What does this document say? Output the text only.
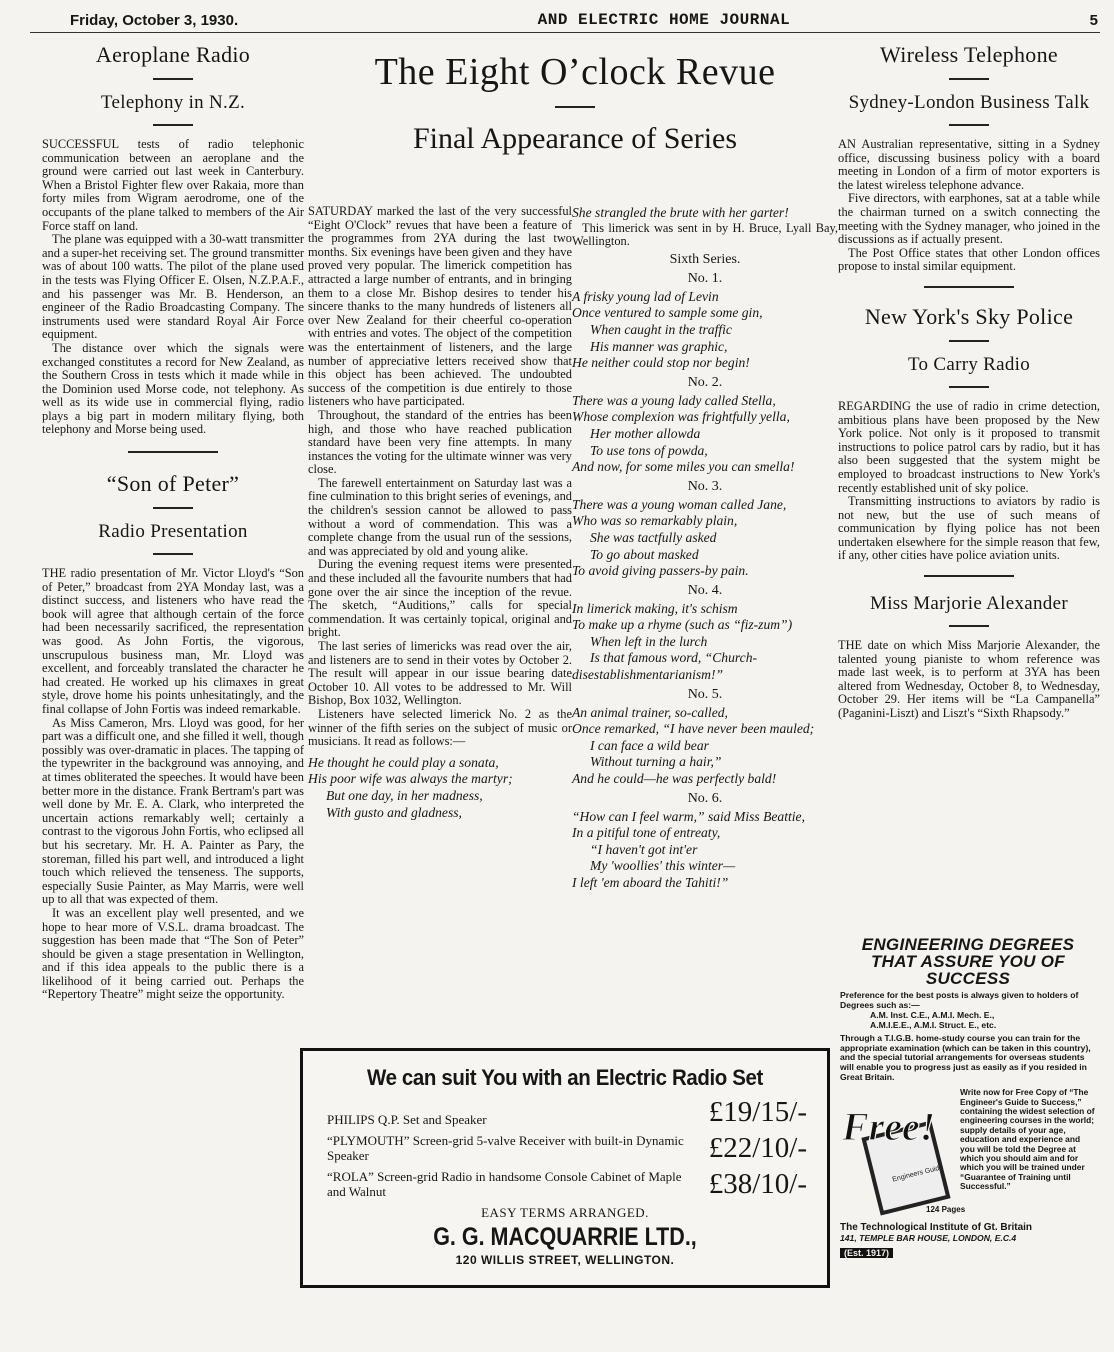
Friday, October 3, 1930.	AND ELECTRIC HOME JOURNAL	5
Aeroplane Radio
Telephony in N.Z.

SUCCESSFUL tests of radio telephonic communication between an aeroplane and the ground were carried out last week in Canterbury. When a Bristol Fighter flew over Rakaia, more than forty miles from Wigram aerodrome, one of the occupants of the plane talked to members of the Air Force staff on land.

The plane was equipped with a 30-watt transmitter and a super-het receiving set. The ground transmitter was of about 100 watts. The pilot of the plane used in the tests was Flying Officer E. Olsen, N.Z.P.A.F., and his passenger was Mr. B. Henderson, an engineer of the Radio Broadcasting Company. The instruments used were standard Royal Air Force equipment.

The distance over which the signals were exchanged constitutes a record for New Zealand, as the Southern Cross in tests which it made while in the Dominion used Morse code, not telephony. As well as its wide use in commercial flying, radio plays a big part in modern military flying, both telephony and Morse being used.

“Son of Peter”
Radio Presentation

THE radio presentation of Mr. Victor Lloyd's “Son of Peter,” broadcast from 2YA Monday last, was a distinct success, and listeners who have read the book will agree that although certain of the force had been necessarily sacrificed, the representation was good. As John Fortis, the vigorous, unscrupulous business man, Mr. Lloyd was excellent, and forceably translated the character he had created. He worked up his climaxes in great style, drove home his points unhesitatingly, and the final collapse of John Fortis was indeed remarkable.

As Miss Cameron, Mrs. Lloyd was good, for her part was a difficult one, and she filled it well, though possibly was over-dramatic in places. The tapping of the typewriter in the background was annoying, and at times obliterated the speeches. It would have been better more in the distance. Frank Bertram's part was well done by Mr. E. A. Clark, who interpreted the uncertain actions remarkably well; certainly a contrast to the vigorous John Fortis, who eclipsed all but his secretary. Mr. H. A. Painter as Pary, the storeman, filled his part well, and introduced a light touch which relieved the tenseness. The supports, especially Susie Painter, as May Marris, were well up to all that was expected of them.

It was an excellent play well presented, and we hope to hear more of V.S.L. drama broadcast. The suggestion has been made that “The Son of Peter” should be given a stage presentation in Wellington, and if this idea appeals to the public there is a likelihood of it being carried out. Perhaps the “Repertory Theatre” might seize the opportunity.

The Eight O’clock Revue
Final Appearance of Series

SATURDAY marked the last of the very successful “Eight O'Clock” revues that have been a feature of the programmes from 2YA during the last two months. Six evenings have been given and they have proved very popular. The limerick competition has attracted a large number of entrants, and in bringing them to a close Mr. Bishop desires to tender his sincere thanks to the many hundreds of listeners all over New Zealand for their cheerful co-operation with entries and votes. The object of the competition was the entertainment of listeners, and the large number of appreciative letters received show that this object has been achieved. The undoubted success of the competition is due entirely to those listeners who have participated.

Throughout, the standard of the entries has been high, and those who have reached publication standard have been very fine attempts. In many instances the voting for the ultimate winner was very close.

The farewell entertainment on Saturday last was a fine culmination to this bright series of evenings, and the children's session cannot be allowed to pass without a word of commendation. This was a complete change from the usual run of the sessions, and was appreciated by old and young alike.

During the evening request items were presented and these included all the favourite numbers that had gone over the air since the inception of the revue. The sketch, “Auditions,” calls for special commendation. It was certainly topical, original and bright.

The last series of limericks was read over the air, and listeners are to send in their votes by October 2. The result will appear in our issue bearing date October 10. All votes to be addressed to Mr. Will Bishop, Box 1032, Wellington.

Listeners have selected limerick No. 2 as the winner of the fifth series on the subject of music or musicians. It read as follows:—

He thought he could play a sonata,
His poor wife was always the martyr;
But one day, in her madness,
With gusto and gladness,
She strangled the brute with her garter!

This limerick was sent in by H. Bruce, Lyall Bay, Wellington.

Sixth Series.
No. 1.
A frisky young lad of Levin
Once ventured to sample some gin,
When caught in the traffic
His manner was graphic,
He neither could stop nor begin!
No. 2.
There was a young lady called Stella,
Whose complexion was frightfully yella,
Her mother allowda
To use tons of powda,
And now, for some miles you can smella!
No. 3.
There was a young woman called Jane,
Who was so remarkably plain,
She was tactfully asked
To go about masked
To avoid giving passers-by pain.
No. 4.
In limerick making, it's schism
To make up a rhyme (such as “fiz-zum”)
When left in the lurch
Is that famous word, “Church-
disestablishmentarianism!”
No. 5.
An animal trainer, so-called,
Once remarked, “I have never been mauled;
I can face a wild bear
Without turning a hair,”
And he could—he was perfectly bald!
No. 6.
“How can I feel warm,” said Miss Beattie,
In a pitiful tone of entreaty,
“I haven't got int'er
My 'woollies' this winter—
I left 'em aboard the Tahiti!”
We can suit You with an Electric Radio Set
PHILIPS Q.P. Set and Speaker	£19/15/-
“PLYMOUTH” Screen-grid 5-valve Receiver with built-in Dynamic Speaker	£22/10/-
“ROLA” Screen-grid Radio in handsome Console Cabinet of Maple and Walnut	£38/10/-
EASY TERMS ARRANGED.
G. G. MACQUARRIE LTD.,
120 WILLIS STREET, WELLINGTON.
Wireless Telephone
Sydney-London Business Talk

AN Australian representative, sitting in a Sydney office, discussing business policy with a board meeting in London of a firm of motor exporters is the latest wireless telephone advance.

Five directors, with earphones, sat at a table while the chairman turned on a switch connecting the meeting with the Sydney manager, who joined in the discussions as if actually present.

The Post Office states that other London offices propose to instal similar equipment.

New York's Sky Police
To Carry Radio

REGARDING the use of radio in crime detection, ambitious plans have been proposed by the New York police. Not only is it proposed to transmit instructions to police patrol cars by radio, but it has also been suggested that the system might be employed to broadcast instructions to New York's recently established unit of sky police.

Transmitting instructions to aviators by radio is not new, but the use of such means of communication by flying police has not been undertaken elsewhere for the simple reason that few, if any, other cities have police aviation units.

Miss Marjorie Alexander

THE date on which Miss Marjorie Alexander, the talented young pianiste to whom reference was made last week, is to perform at 3YA has been altered from Wednesday, October 8, to Wednesday, October 29. Her items will be “La Campanella” (Paganini-Liszt) and Liszt's “Sixth Rhapsody.”

ENGINEERING DEGREES THAT ASSURE YOU OF SUCCESS
Preference for the best posts is always given to holders of Degrees such as:—
A.M. Inst. C.E., A.M.I. Mech. E.,
A.M.I.E.E., A.M.I. Struct. E., etc.
Through a T.I.G.B. home-study course you can train for the appropriate examination (which can be taken in this country), and the special tutorial arrangements for overseas students will enable you to progress just as easily as if you resided in Great Britain.
Free!
Engineers Guide
124 Pages
Write now for Free Copy of “The Engineer's Guide to Success,” containing the widest selection of engineering courses in the world; supply details of your age, education and experience and you will be told the Degree at which you should aim and for which you will be trained under “Guarantee of Training until Successful.”
The Technological Institute of Gt. Britain
141, TEMPLE BAR HOUSE, LONDON, E.C.4
(Est. 1917)
